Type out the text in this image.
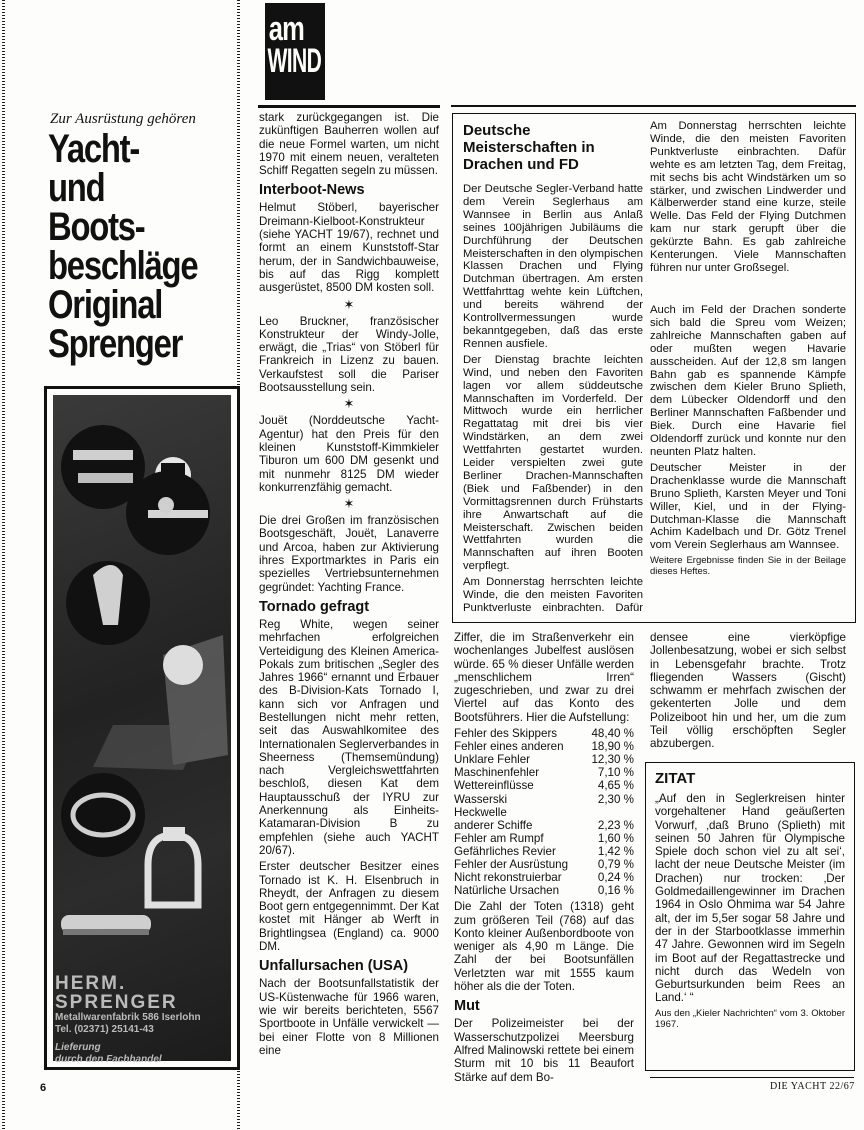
Zur Ausrüstung gehören
Yacht-
und
Boots-
beschläge
Original
Sprenger
HERM.
SPRENGER
Metallwarenfabrik 586 Iserlohn
Tel. (02371) 25141-43
Lieferung
durch den Fachhandel
am
WIND

stark zurückgegangen ist. Die zukünftigen Bauherren wollen auf die neue Formel warten, um nicht 1970 mit einem neuen, veralteten Schiff Regatten segeln zu müssen.

Interboot-News

Helmut Stöberl, bayerischer Dreimann-Kielboot-Konstrukteur (siehe YACHT 19/67), rechnet und formt an einem Kunststoff-Star herum, der in Sandwichbauweise, bis auf das Rigg komplett ausgerüstet, 8500 DM kosten soll.

✶

Leo Bruckner, französischer Konstrukteur der Windy-Jolle, erwägt, die „Trias“ von Stöberl für Frankreich in Lizenz zu bauen. Verkaufstest soll die Pariser Bootsausstellung sein.

✶

Jouët (Norddeutsche Yacht-Agentur) hat den Preis für den kleinen Kunststoff-Kimmkieler Tiburon um 600 DM gesenkt und mit nunmehr 8125 DM wieder konkurrenzfähig gemacht.

✶

Die drei Großen im französischen Bootsgeschäft, Jouët, Lanaverre und Arcoa, haben zur Aktivierung ihres Exportmarktes in Paris ein spezielles Vertriebsunternehmen gegründet: Yachting France.

Tornado gefragt

Reg White, wegen seiner mehrfachen erfolgreichen Verteidigung des Kleinen America-Pokals zum britischen „Segler des Jahres 1966“ ernannt und Erbauer des B-Division-Kats Tornado I, kann sich vor Anfragen und Bestellungen nicht mehr retten, seit das Auswahlkomitee des Internationalen Seglerverbandes in Sheerness (Themsemündung) nach Vergleichswettfahrten beschloß, diesen Kat dem Hauptausschuß der IYRU zur Anerkennung als Einheits-Katamaran-Division B zu empfehlen (siehe auch YACHT 20/67).

Erster deutscher Besitzer eines Tornado ist K. H. Elsenbruch in Rheydt, der Anfragen zu diesem Boot gern entgegennimmt. Der Kat kostet mit Hänger ab Werft in Brightlingsea (England) ca. 9000 DM.

Unfallursachen (USA)

Nach der Bootsunfallstatistik der US-Küstenwache für 1966 waren, wie wir bereits berichteten, 5567 Sportboote in Unfälle verwickelt — bei einer Flotte von 8 Millionen eine

Deutsche Meisterschaften in Drachen und FD

Der Deutsche Segler-Verband hatte dem Verein Seglerhaus am Wannsee in Berlin aus Anlaß seines 100jährigen Jubiläums die Durchführung der Deutschen Meisterschaften in den olympischen Klassen Drachen und Flying Dutchman übertragen. Am ersten Wettfahrttag wehte kein Lüftchen, und bereits während der Kontrollvermessungen wurde bekanntgegeben, daß das erste Rennen ausfiele.

Der Dienstag brachte leichten Wind, und neben den Favoriten lagen vor allem süddeutsche Mannschaften im Vorderfeld. Der Mittwoch wurde ein herrlicher Regattatag mit drei bis vier Windstärken, an dem zwei Wettfahrten gestartet wurden. Leider verspielten zwei gute Berliner Drachen-Mannschaften (Biek und Faßbender) in den Vormittagsrennen durch Frühstarts ihre Anwartschaft auf die Meisterschaft. Zwischen beiden Wettfahrten wurden die Mannschaften auf ihren Booten verpflegt.

Am Donnerstag herrschten leichte Winde, die den meisten Favoriten Punktverluste einbrachten. Dafür

Am Donnerstag herrschten leichte Winde, die den meisten Favoriten Punktverluste einbrachten. Dafür wehte es am letzten Tag, dem Freitag, mit sechs bis acht Windstärken um so stärker, und zwischen Lindwerder und Kälberwerder stand eine kurze, steile Welle. Das Feld der Flying Dutchmen kam nur stark gerupft über die gekürzte Bahn. Es gab zahlreiche Kenterungen. Viele Mannschaften führen nur unter Großsegel.

Auch im Feld der Drachen sonderte sich bald die Spreu vom Weizen; zahlreiche Mannschaften gaben auf oder mußten wegen Havarie ausscheiden. Auf der 12,8 sm langen Bahn gab es spannende Kämpfe zwischen dem Kieler Bruno Splieth, dem Lübecker Oldendorff und den Berliner Mannschaften Faßbender und Biek. Durch eine Havarie fiel Oldendorff zurück und konnte nur den neunten Platz halten.

Deutscher Meister in der Drachenklasse wurde die Mannschaft Bruno Splieth, Karsten Meyer und Toni Willer, Kiel, und in der Flying-Dutchman-Klasse die Mannschaft Achim Kadelbach und Dr. Götz Trenel vom Verein Seglerhaus am Wannsee.

Weitere Ergebnisse finden Sie in der Beilage dieses Heftes.

Ziffer, die im Straßenverkehr ein wochenlanges Jubelfest auslösen würde. 65 % dieser Unfälle werden „menschlichem Irren“ zugeschrieben, und zwar zu drei Viertel auf das Konto des Bootsführers. Hier die Aufstellung:

Fehler des Skippers	48,40 %
Fehler eines anderen	18,90 %
Unklare Fehler	12,30 %
Maschinenfehler	7,10 %
Wettereinflüsse	4,65 %
Wasserski	2,30 %
Heckwelle	
anderer Schiffe	2,23 %
Fehler am Rumpf	1,60 %
Gefährliches Revier	1,42 %
Fehler der Ausrüstung	0,79 %
Nicht rekonstruierbar	0,24 %
Natürliche Ursachen	0,16 %

Die Zahl der Toten (1318) geht zum größeren Teil (768) auf das Konto kleiner Außenbordboote von weniger als 4,90 m Länge. Die Zahl der bei Bootsunfällen Verletzten war mit 1555 kaum höher als die der Toten.

Mut

Der Polizeimeister bei der Wasserschutzpolizei Meersburg Alfred Malinowski rettete bei einem Sturm mit 10 bis 11 Beaufort Stärke auf dem Bo-

densee eine vierköpfige Jollenbesatzung, wobei er sich selbst in Lebensgefahr brachte. Trotz fliegenden Wassers (Gischt) schwamm er mehrfach zwischen der gekenterten Jolle und dem Polizeiboot hin und her, um die zum Teil völlig erschöpften Segler abzubergen.

ZITAT

„Auf den in Seglerkreisen hinter vorgehaltener Hand geäußerten Vorwurf, ‚daß Bruno (Splieth) mit seinen 50 Jahren für Olympische Spiele doch schon viel zu alt sei‘, lacht der neue Deutsche Meister (im Drachen) nur trocken: ‚Der Goldmedaillengewinner im Drachen 1964 in Oslo Ohmima war 54 Jahre alt, der im 5,5er sogar 58 Jahre und der in der Starbootklasse immerhin 47 Jahre. Gewonnen wird im Segeln im Boot auf der Regattastrecke und nicht durch das Wedeln von Geburtsurkunden beim Rees an Land.‘ “

Aus den „Kieler Nachrichten“ vom 3. Oktober 1967.

6	DIE YACHT 22/67
